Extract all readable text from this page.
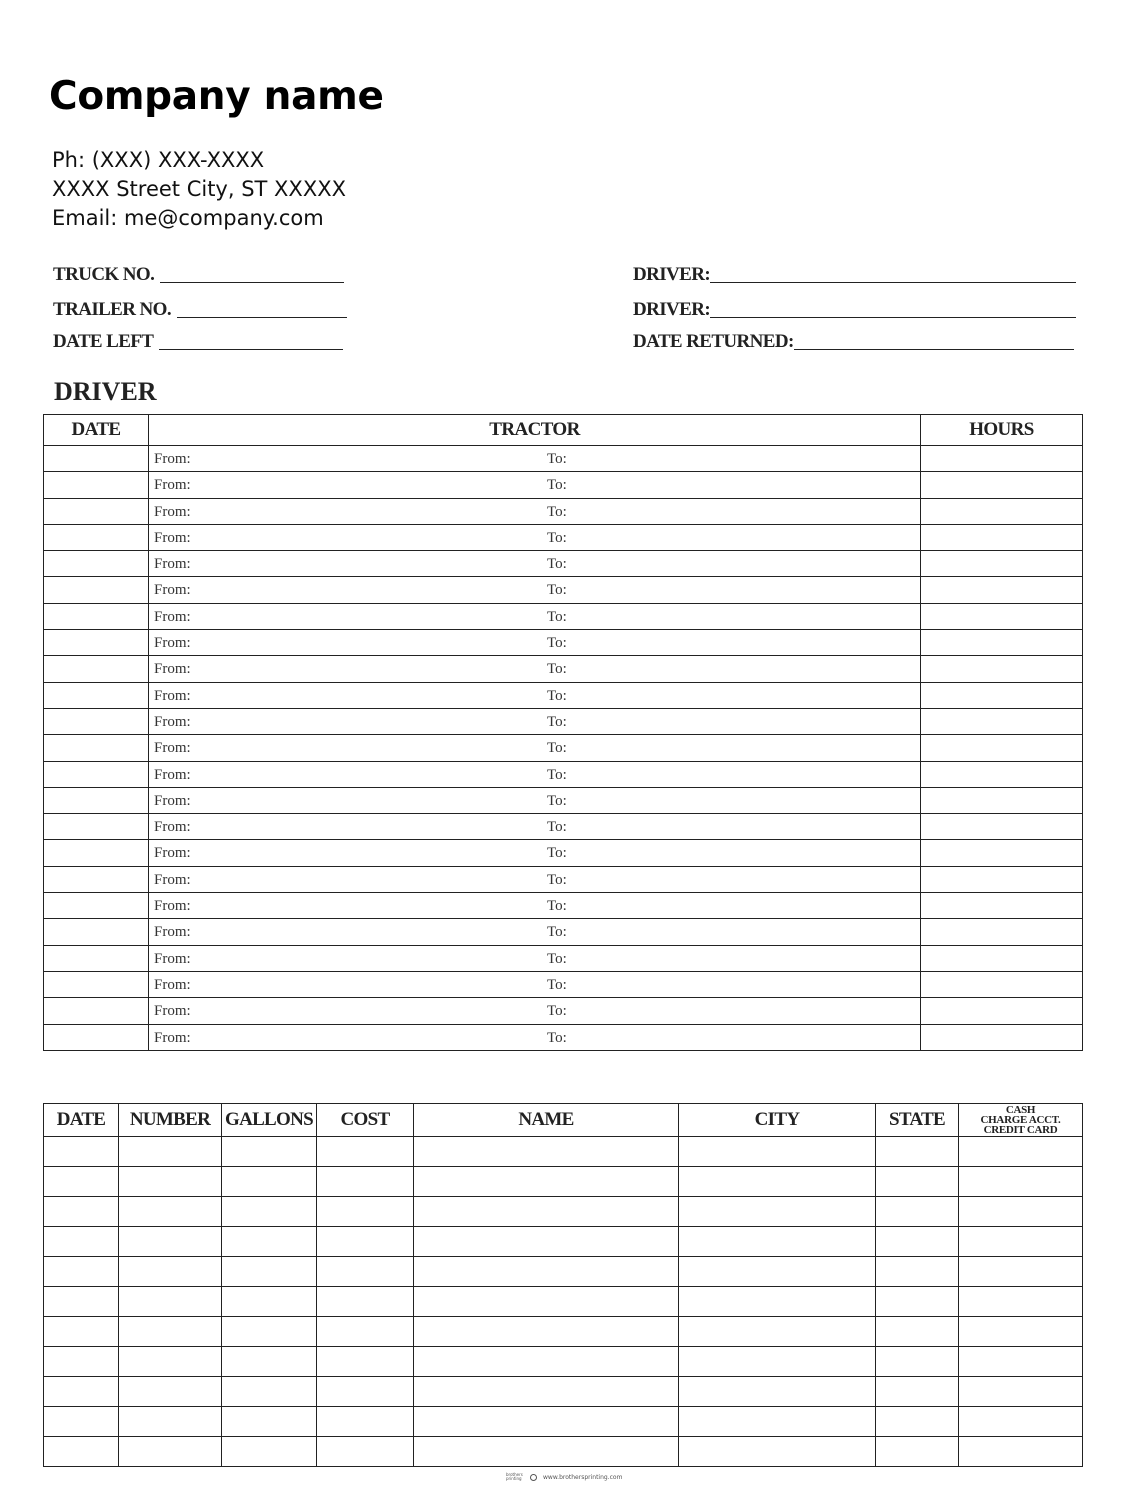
Company name
Ph: (XXX) XXX-XXXX
XXXX Street City, ST XXXXX
Email: me@company.com
TRUCK NO.
TRAILER NO.
DATE LEFT
DRIVER:
DRIVER:
DATE RETURNED:
DRIVER
DATE	TRACTOR	HOURS

	From: To:	

	From: To:	

	From: To:	

	From: To:	

	From: To:	

	From: To:	

	From: To:	

	From: To:	

	From: To:	

	From: To:	

	From: To:	

	From: To:	

	From: To:	

	From: To:	

	From: To:	

	From: To:	

	From: To:	

	From: To:	

	From: To:	

	From: To:	

	From: To:	

	From: To:	

	From: To:	

DATE	NUMBER	GALLONS	COST	NAME	CITY	STATE	CASH
CHARGE ACCT.
CREDIT CARD

brothers printing	www.brothersprinting.com
